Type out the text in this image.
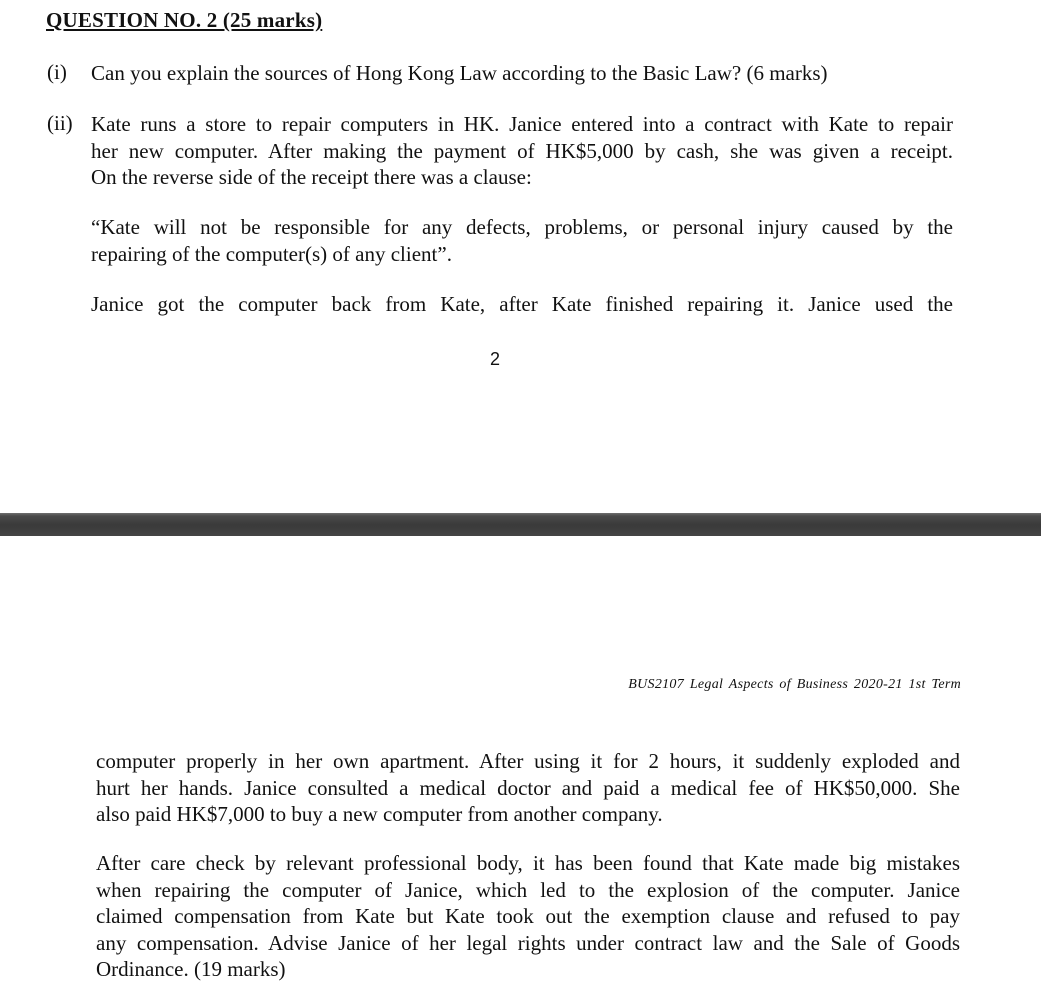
QUESTION NO. 2 (25 marks)
(i) Can you explain the sources of Hong Kong Law according to the Basic Law? (6 marks)
(ii) Kate runs a store to repair computers in HK. Janice entered into a contract with Kate to repair
her new computer. After making the payment of HK$5,000 by cash, she was given a receipt.
On the reverse side of the receipt there was a clause:
“Kate will not be responsible for any defects, problems, or personal injury caused by the
repairing of the computer(s) of any client”.
Janice got the computer back from Kate, after Kate finished repairing it. Janice used the
2
BUS2107 Legal Aspects of Business 2020-21 1st Term
computer properly in her own apartment. After using it for 2 hours, it suddenly exploded and
hurt her hands. Janice consulted a medical doctor and paid a medical fee of HK$50,000. She
also paid HK$7,000 to buy a new computer from another company.
After care check by relevant professional body, it has been found that Kate made big mistakes
when repairing the computer of Janice, which led to the explosion of the computer. Janice
claimed compensation from Kate but Kate took out the exemption clause and refused to pay
any compensation. Advise Janice of her legal rights under contract law and the Sale of Goods
Ordinance. (19 marks)
